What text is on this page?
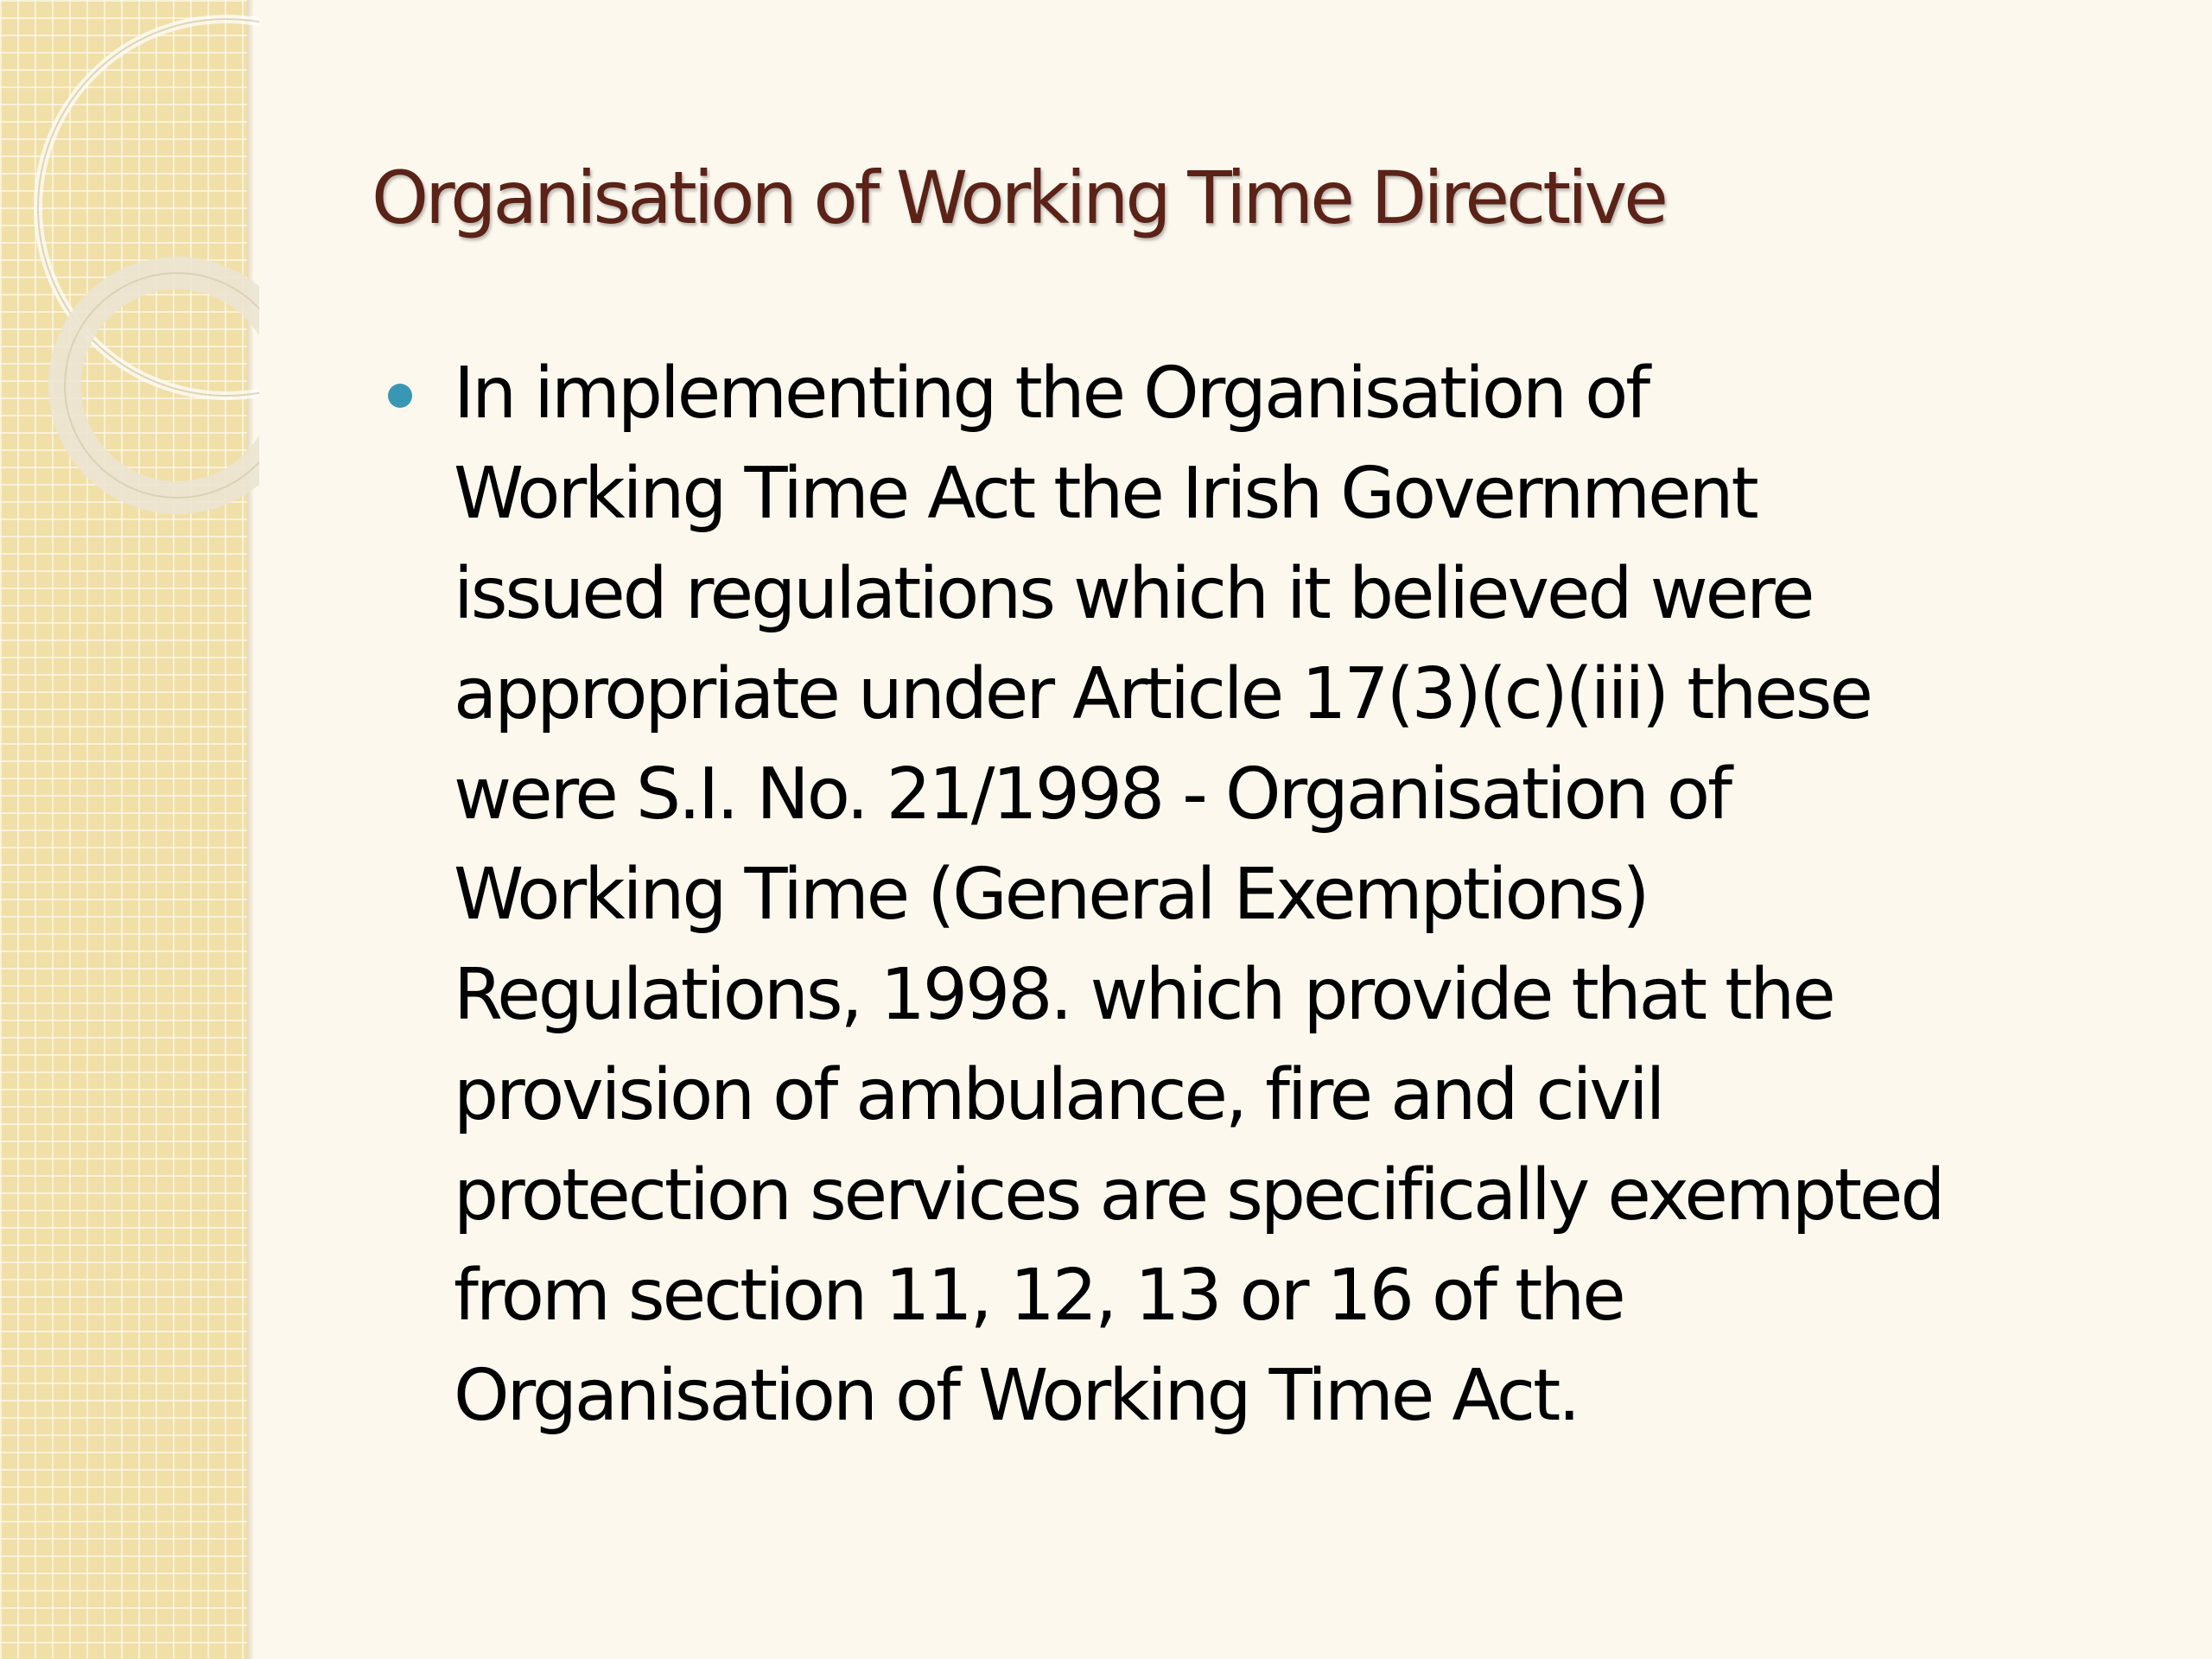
Organisation of Working Time Directive

In implementing the Organisation of
Working Time Act the Irish Government
issued regulations which it believed were
appropriate under Article 17(3)(c)(iii) these
were S.I. No. 21/1998 - Organisation of
Working Time (General Exemptions)
Regulations, 1998. which provide that the
provision of ambulance, fire and civil
protection services are specifically exempted
from section 11, 12, 13 or 16 of the
Organisation of Working Time Act.
